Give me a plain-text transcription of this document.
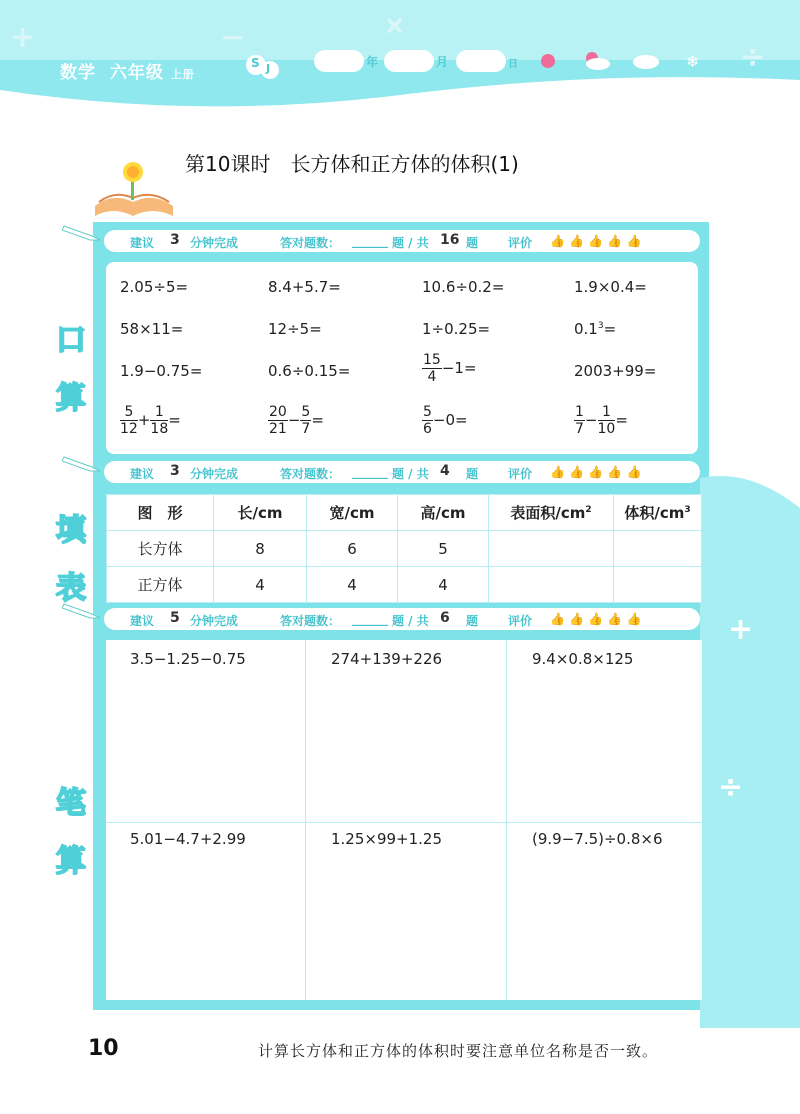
+	+
−
÷
数学 六年级 上册
S J	年	月	日	❄
第10课时　长方体和正方体的体积(1)
+
÷
口
算
填
表
笔
算
建议 3 分钟完成	答对题数： ______ 题 / 共 16 题 评价 👍 👍 👍 👍 👍
建议 3 分钟完成	答对题数： ______ 题 / 共 4 题 评价 👍 👍 👍 👍 👍
建议 5 分钟完成	答对题数： ______ 题 / 共 6 题 评价 👍 👍 👍 👍 👍
2.05÷5=	8.4+5.7=	10.6÷0.2=	1.9×0.4=
58×11=	12÷5=	1÷0.25=	$0.1^3=$
1.9−0.75=	0.6÷0.15=	$\frac{15}{4} -1=$	2003+99=
$\frac{5}{12} + \frac{1}{18}$ =	$\frac{20}{21} - \frac{5}{7}$ =	$\frac{5}{6} -0=$	$\frac{1}{7} - \frac{1}{10}$ =
图　形	长/cm	宽/cm	高/cm	表面积$/cm^2$	体积$/cm^3$
长方体	8	6	5		
正方体	4	4	4		
3.5−1.25−0.75	274+139+226	9.4×0.8×125
5.01−4.7+2.99	1.25×99+1.25	(9.9−7.5)÷0.8×6
10	计算长方体和正方体的体积时要注意单位名称是否一致。
